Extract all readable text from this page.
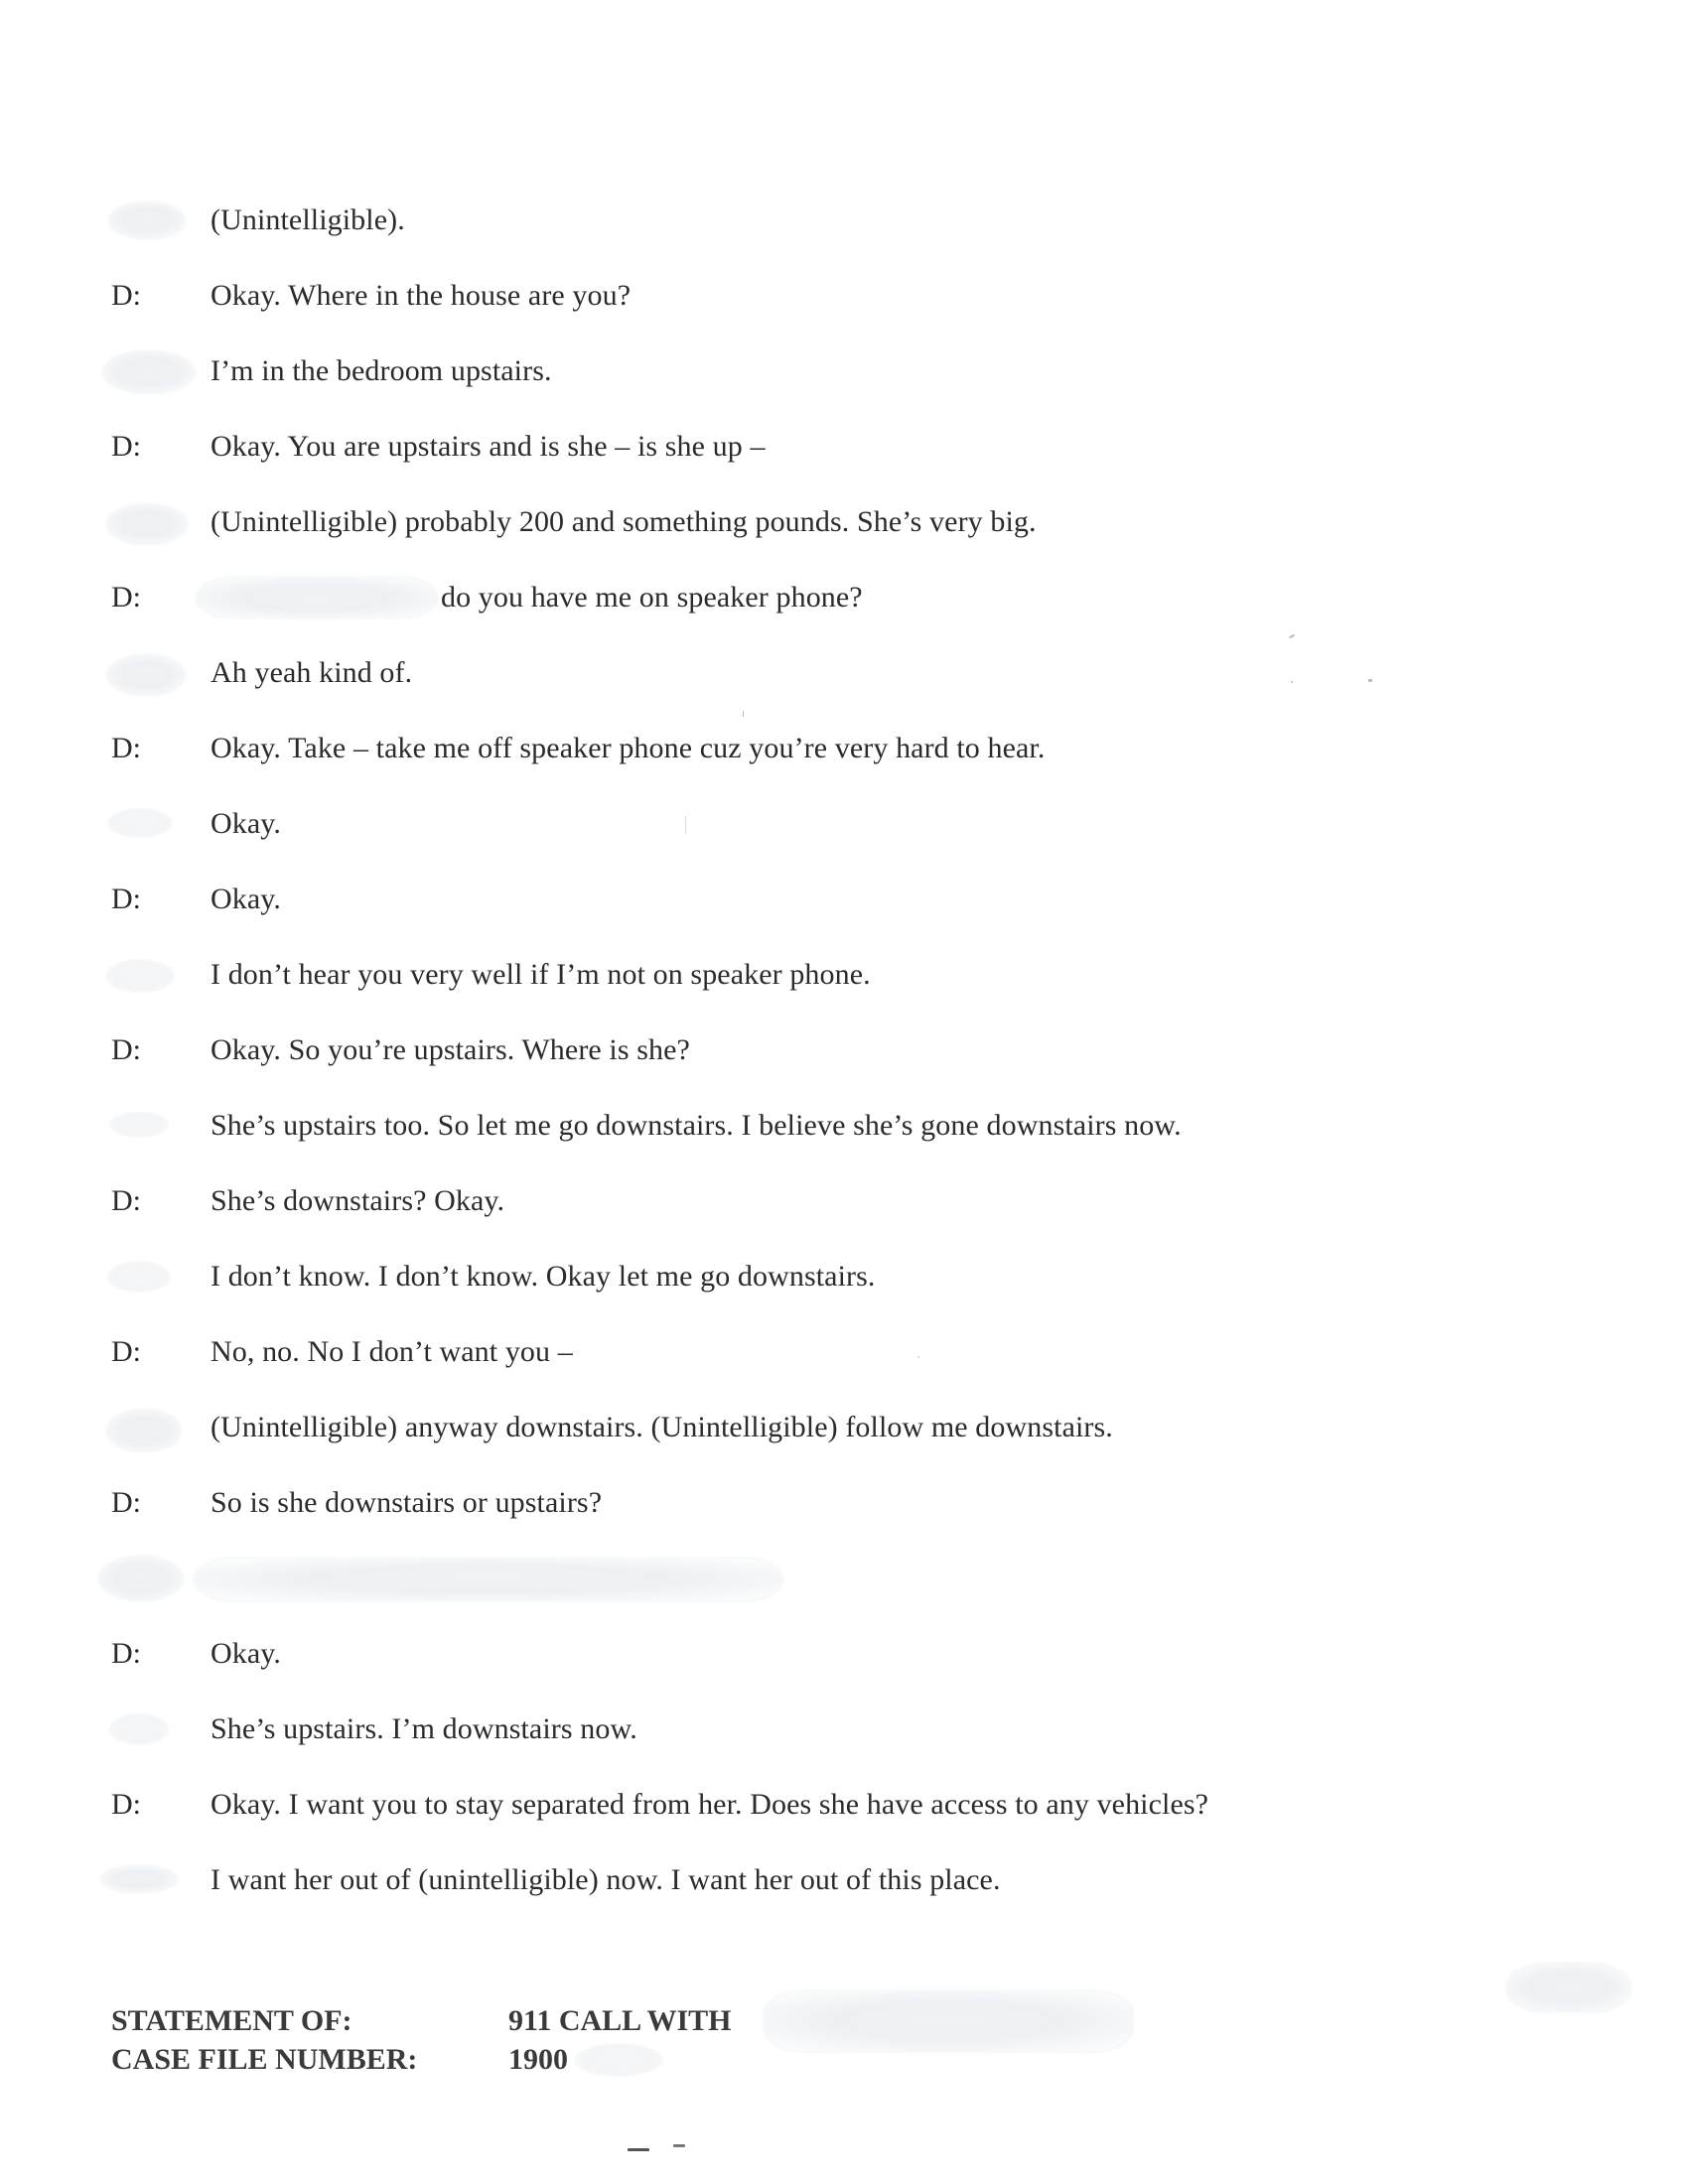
(Unintelligible).
D: Okay. Where in the house are you?
I’m in the bedroom upstairs.
D: Okay. You are upstairs and is she – is she up –
(Unintelligible) probably 200 and something pounds. She’s very big.
D:	do you have me on speaker phone?
Ah yeah kind of.
D: Okay. Take – take me off speaker phone cuz you’re very hard to hear.
Okay.
D: Okay.
I don’t hear you very well if I’m not on speaker phone.
D: Okay. So you’re upstairs. Where is she?
She’s upstairs too. So let me go downstairs. I believe she’s gone downstairs now.
D: She’s downstairs? Okay.
I don’t know. I don’t know. Okay let me go downstairs.
D: No, no. No I don’t want you –
(Unintelligible) anyway downstairs. (Unintelligible) follow me downstairs.
D: So is she downstairs or upstairs?
D: Okay.
She’s upstairs. I’m downstairs now.
D: Okay. I want you to stay separated from her. Does she have access to any vehicles?
I want her out of (unintelligible) now. I want her out of this place.
STATEMENT OF:	911 CALL WITH
CASE FILE NUMBER:	1900
